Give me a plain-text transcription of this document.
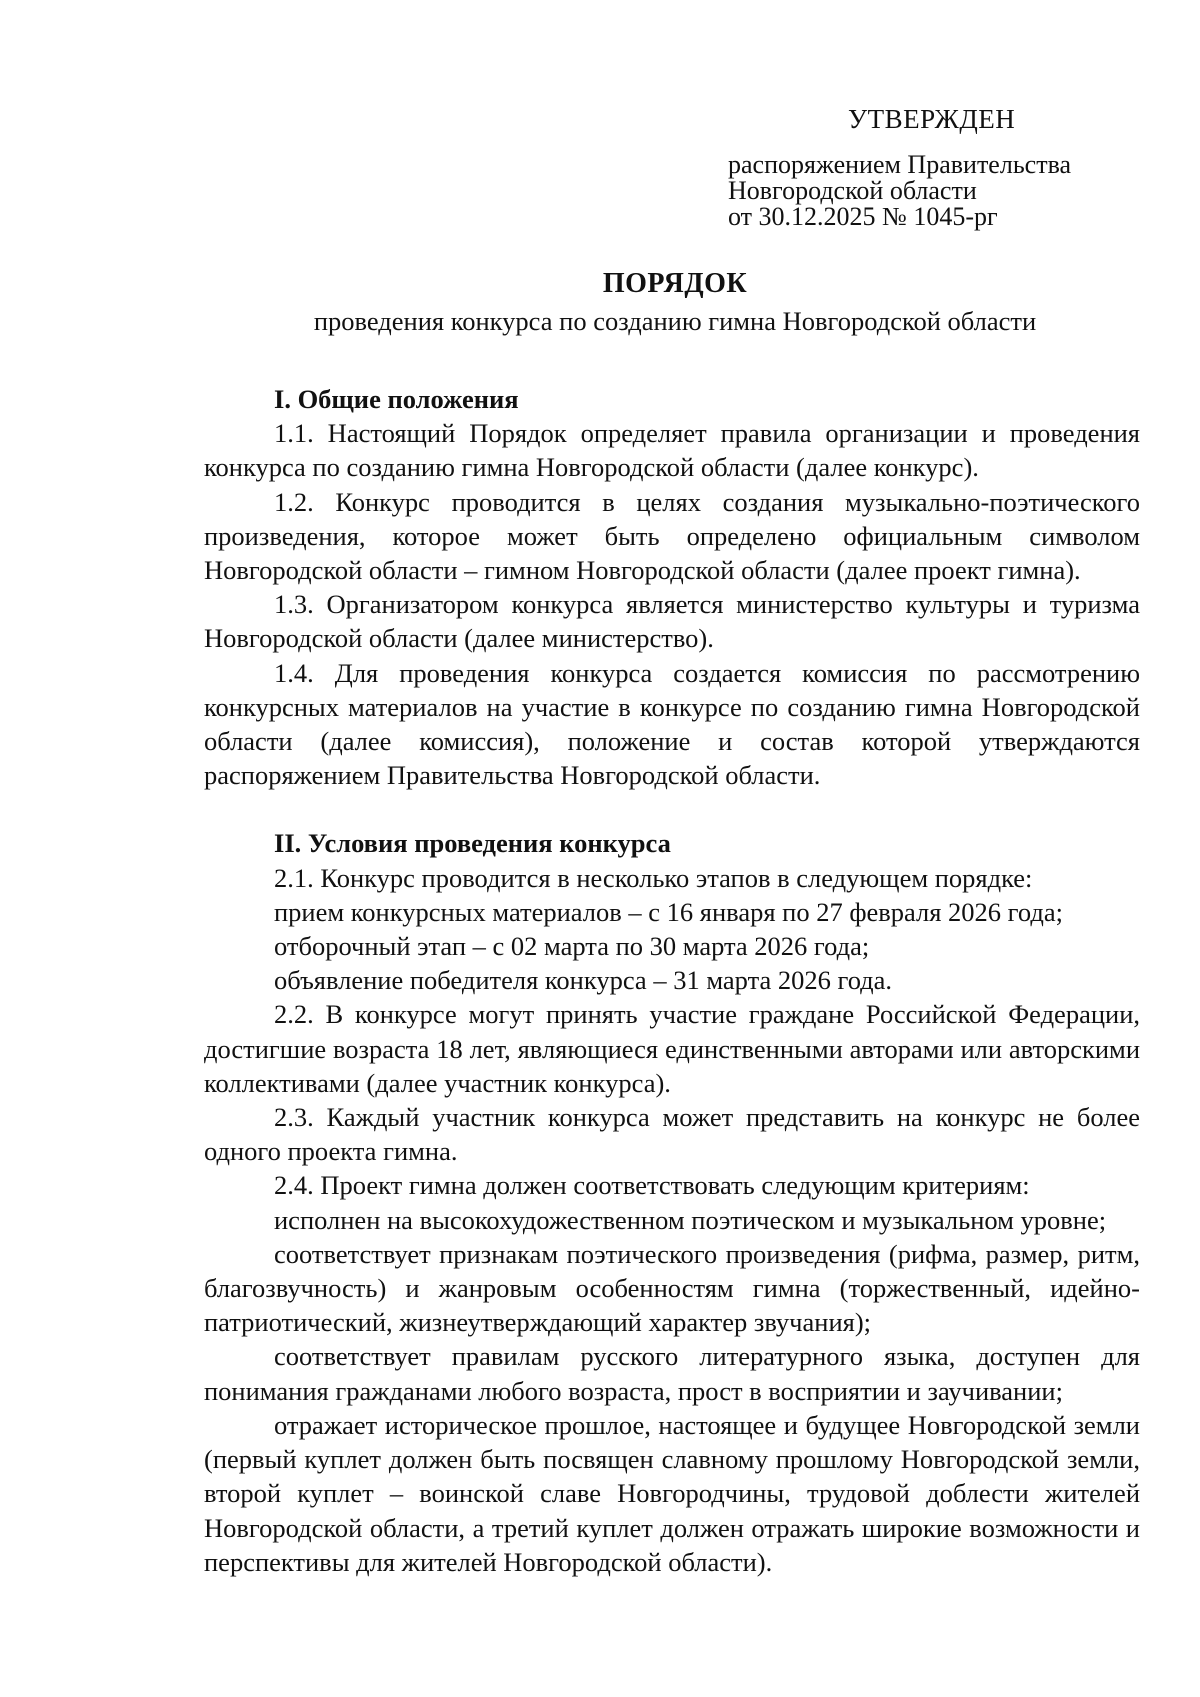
УТВЕРЖДЕН
распоряжением Правительства
Новгородской области
от 30.12.2025 № 1045-рг
ПОРЯДОК
проведения конкурса по созданию гимна Новгородской области

I. Общие положения

1.1. Настоящий Порядок определяет правила организации и проведения конкурса по созданию гимна Новгородской области (далее конкурс).

1.2. Конкурс проводится в целях создания музыкально-поэтического произведения, которое может быть определено официальным символом Новгородской области – гимном Новгородской области (далее проект гимна).

1.3. Организатором конкурса является министерство культуры и туризма Новгородской области (далее министерство).

1.4. Для проведения конкурса создается комиссия по рассмотрению конкурсных материалов на участие в конкурсе по созданию гимна Новгородской области (далее комиссия), положение и состав которой утверждаются распоряжением Правительства Новгородской области.

II. Условия проведения конкурса

2.1. Конкурс проводится в несколько этапов в следующем порядке:

прием конкурсных материалов – с 16 января по 27 февраля 2026 года;

отборочный этап – с 02 марта по 30 марта 2026 года;

объявление победителя конкурса – 31 марта 2026 года.

2.2. В конкурсе могут принять участие граждане Российской Федерации, достигшие возраста 18 лет, являющиеся единственными авторами или авторскими коллективами (далее участник конкурса).

2.3. Каждый участник конкурса может представить на конкурс не более одного проекта гимна.

2.4. Проект гимна должен соответствовать следующим критериям:

исполнен на высокохудожественном поэтическом и музыкальном уровне;

соответствует признакам поэтического произведения (рифма, размер, ритм, благозвучность) и жанровым особенностям гимна (торжественный, идейно-патриотический, жизнеутверждающий характер звучания);

соответствует правилам русского литературного языка, доступен для понимания гражданами любого возраста, прост в восприятии и заучивании;

отражает историческое прошлое, настоящее и будущее Новгородской земли (первый куплет должен быть посвящен славному прошлому Новгородской земли, второй куплет – воинской славе Новгородчины, трудовой доблести жителей Новгородской области, а третий куплет должен отражать широкие возможности и перспективы для жителей Новгородской области).
